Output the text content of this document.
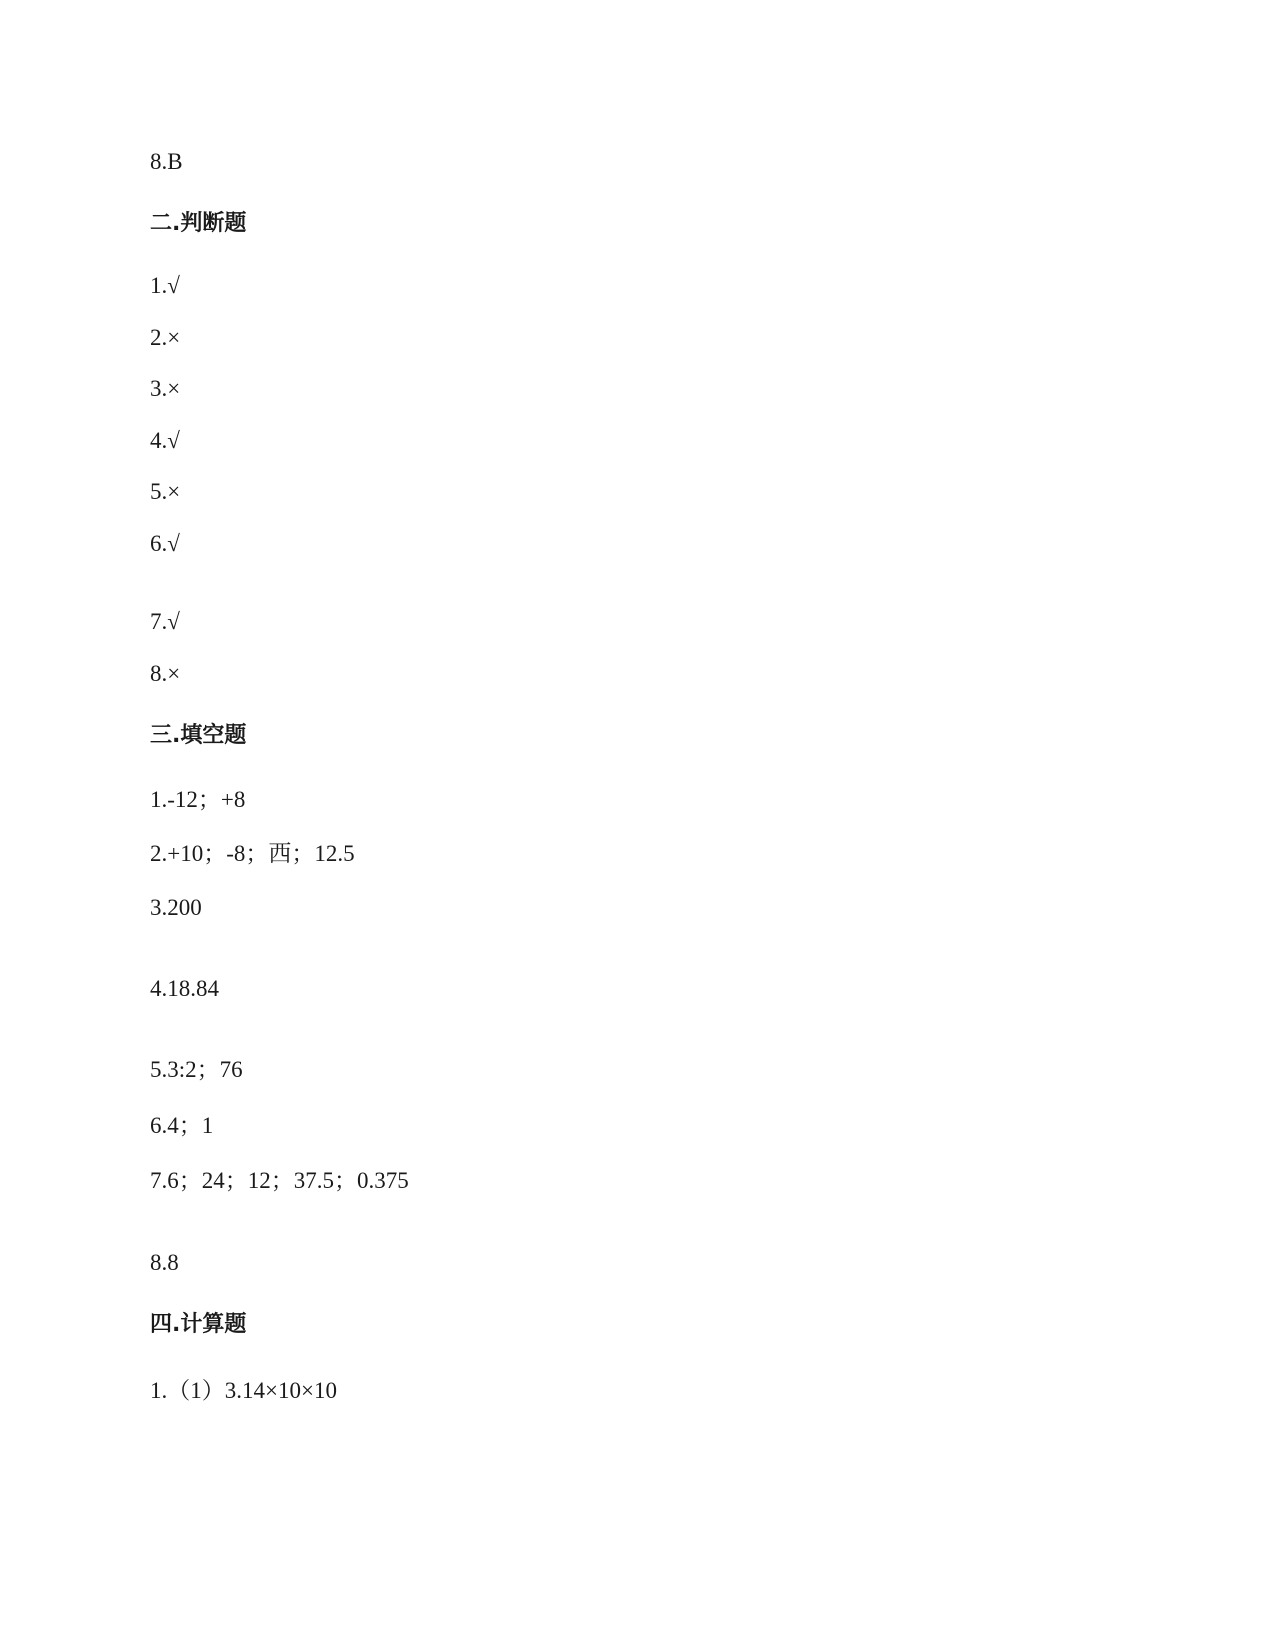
8.B
二.判断题
1.√
2.×
3.×
4.√
5.×
6.√
7.√
8.×
三.填空题
1.-12；+8
2.+10；-8；西；12.5
3.200
4.18.84
5.3:2；76
6.4；1
7.6；24；12；37.5；0.375
8.8
四.计算题
1.（1）3.14×10×10
